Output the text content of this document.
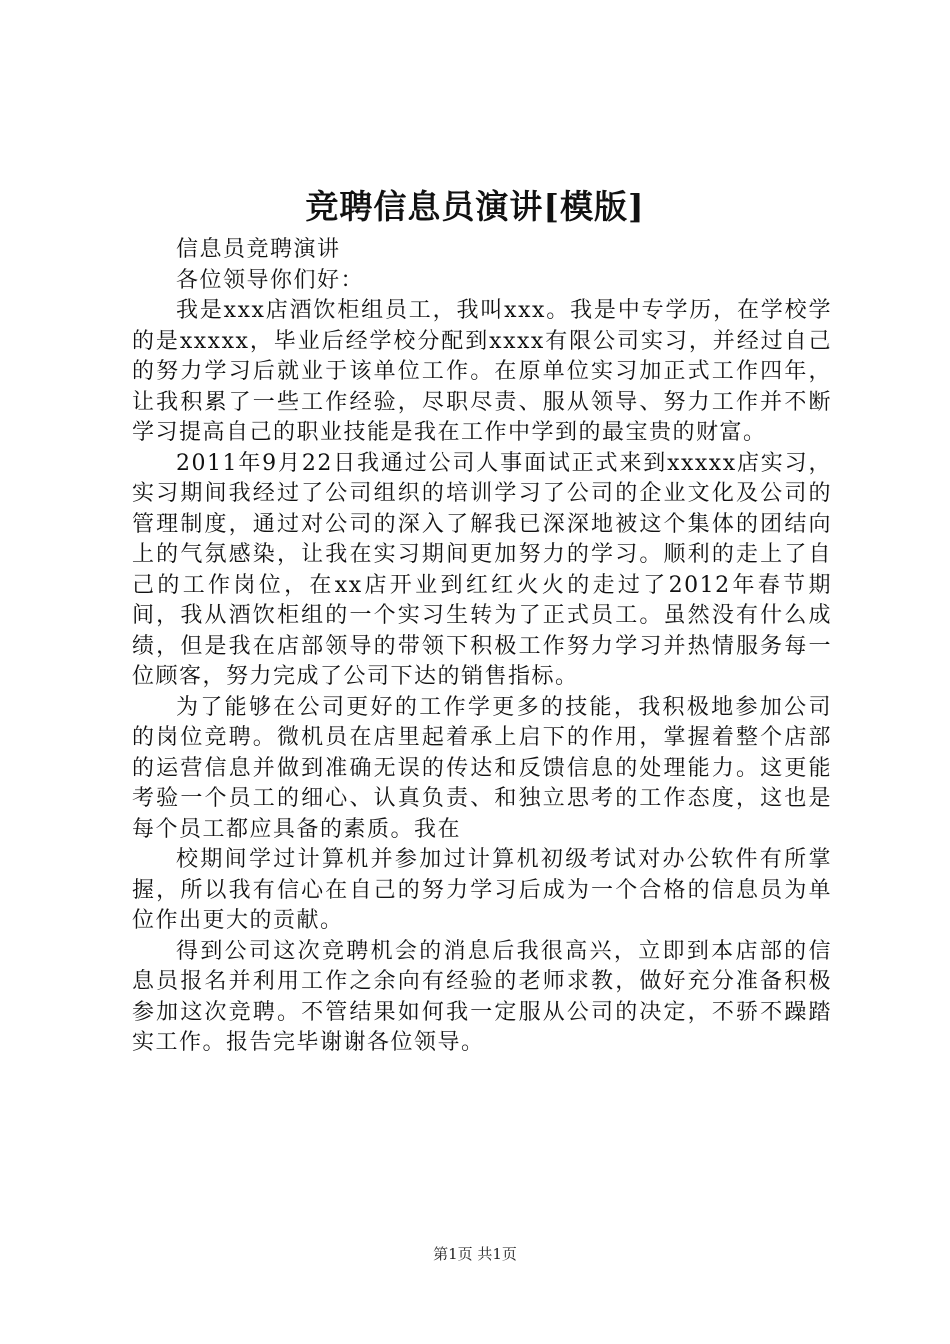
竞聘信息员演讲[模版]

信息员竞聘演讲

各位领导你们好：

我是xxx店酒饮柜组员工，我叫xxx。我是中专学历，在学校学的是xxxxx，毕业后经学校分配到xxxx有限公司实习，并经过自己的努力学习后就业于该单位工作。在原单位实习加正式工作四年，让我积累了一些工作经验，尽职尽责、服从领导、努力工作并不断学习提高自己的职业技能是我在工作中学到的最宝贵的财富。

2011年9月22日我通过公司人事面试正式来到xxxxx店实习，实习期间我经过了公司组织的培训学习了公司的企业文化及公司的管理制度，通过对公司的深入了解我已深深地被这个集体的团结向上的气氛感染，让我在实习期间更加努力的学习。顺利的走上了自己的工作岗位，在xx店开业到红红火火的走过了2012年春节期间，我从酒饮柜组的一个实习生转为了正式员工。虽然没有什么成绩，但是我在店部领导的带领下积极工作努力学习并热情服务每一位顾客，努力完成了公司下达的销售指标。

为了能够在公司更好的工作学更多的技能，我积极地参加公司的岗位竞聘。微机员在店里起着承上启下的作用，掌握着整个店部的运营信息并做到准确无误的传达和反馈信息的处理能力。这更能考验一个员工的细心、认真负责、和独立思考的工作态度，这也是每个员工都应具备的素质。我在

校期间学过计算机并参加过计算机初级考试对办公软件有所掌握，所以我有信心在自己的努力学习后成为一个合格的信息员为单位作出更大的贡献。

得到公司这次竞聘机会的消息后我很高兴，立即到本店部的信息员报名并利用工作之余向有经验的老师求教，做好充分准备积极参加这次竞聘。不管结果如何我一定服从公司的决定，不骄不躁踏实工作。报告完毕谢谢各位领导。

第1页 共1页
